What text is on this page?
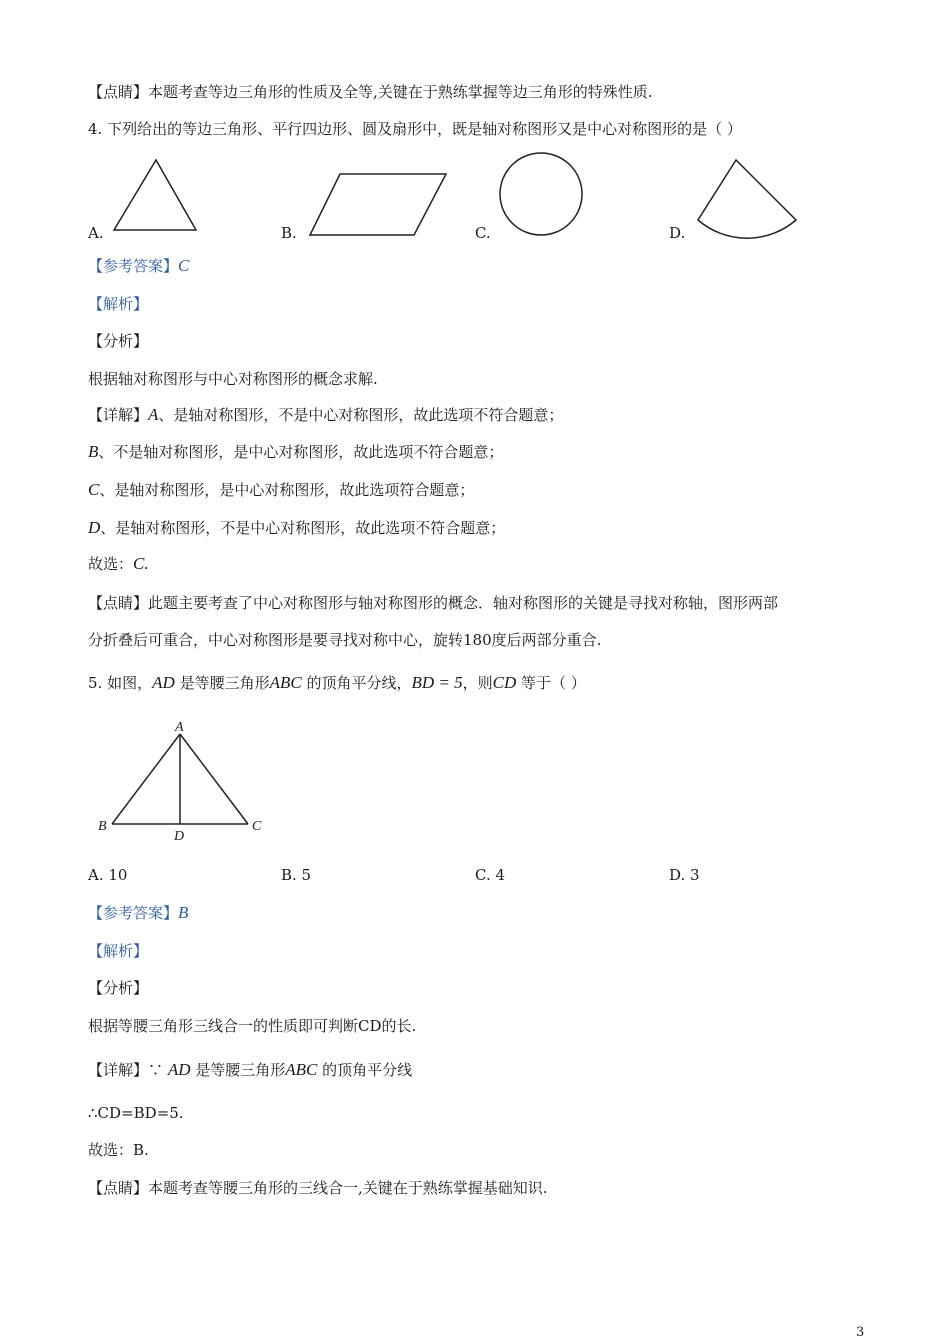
【点睛】本题考查等边三角形的性质及全等,关键在于熟练掌握等边三角形的特殊性质.
4. 下列给出的等边三角形、平行四边形、圆及扇形中，既是轴对称图形又是中心对称图形的是（ ）
A.	B.	C.	D.
【参考答案】C
【解析】
【分析】
根据轴对称图形与中心对称图形的概念求解.
【详解】A、是轴对称图形，不是中心对称图形，故此选项不符合题意；
B、不是轴对称图形，是中心对称图形，故此选项不符合题意；
C、是轴对称图形，是中心对称图形，故此选项符合题意；
D、是轴对称图形，不是中心对称图形，故此选项不符合题意；
故选：C.
【点睛】此题主要考查了中心对称图形与轴对称图形的概念．轴对称图形的关键是寻找对称轴，图形两部
分折叠后可重合，中心对称图形是要寻找对称中心，旋转180度后两部分重合.
5. 如图，AD 是等腰三角形ABC 的顶角平分线，BD = 5，则CD 等于（ ）
A
B	C
D
A. 10	B. 5	C. 4	D. 3
【参考答案】B
【解析】
【分析】
根据等腰三角形三线合一的性质即可判断CD的长.
【详解】∵ AD 是等腰三角形ABC 的顶角平分线
∴CD=BD=5.
故选：B.
【点睛】本题考查等腰三角形的三线合一,关键在于熟练掌握基础知识.
3
